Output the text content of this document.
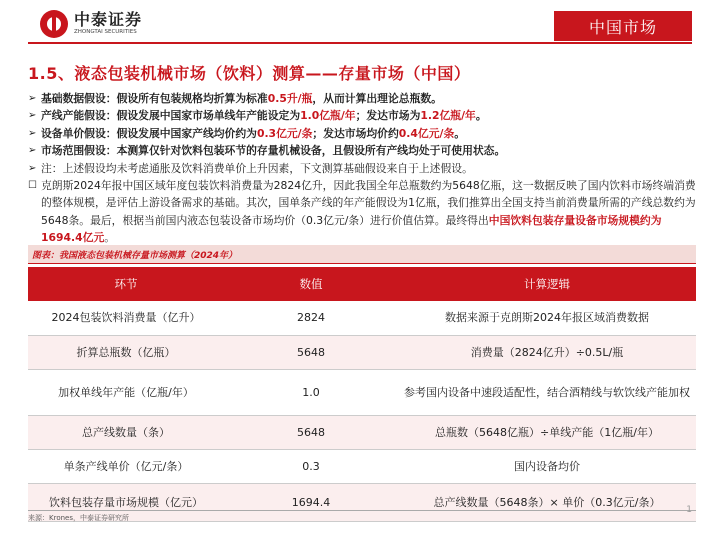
中泰证券
ZHONGTAI SECURITIES	中国市场
1.5、液态包装机械市场（饮料）测算——存量市场（中国）
➢ 基础数据假设：假设所有包装规格均折算为标准0.5升/瓶，从而计算出理论总瓶数。
➢ 产线产能假设：假设发展中国家市场单线年产能设定为1.0亿瓶/年；发达市场为1.2亿瓶/年。
➢ 设备单价假设：假设发展中国家产线均价约为0.3亿元/条；发达市场均价约0.4亿元/条。
➢ 市场范围假设：本测算仅针对饮料包装环节的存量机械设备，且假设所有产线均处于可使用状态。
➢ 注：上述假设均未考虑通胀及饮料消费单价上升因素，下文测算基础假设来自于上述假设。
☐ 克朗斯2024年报中国区域年度包装饮料消费量为2824亿升，因此我国全年总瓶数约为5648亿瓶，这一数据反映了国内饮料市场终端消费的整体规模，是评估上游设备需求的基础。其次，国单条产线的年产能假设为1亿瓶，我们推算出全国支持当前消费量所需的产线总数约为5648条。最后，根据当前国内液态包装设备市场均价（0.3亿元/条）进行价值估算。最终得出中国饮料包装存量设备市场规模约为1694.4亿元。
图表：我国液态包装机械存量市场测算（2024年）
环节	数值	计算逻辑
2024包装饮料消费量（亿升）	2824	数据来源于克朗斯2024年报区域消费数据
折算总瓶数（亿瓶）	5648	消费量（2824亿升）÷0.5L/瓶
加权单线年产能（亿瓶/年）	1.0	参考国内设备中速段适配性，结合酒精线与软饮线产能加权
总产线数量（条）	5648	总瓶数（5648亿瓶）÷单线产能（1亿瓶/年）
单条产线单价（亿元/条）	0.3	国内设备均价
饮料包装存量市场规模（亿元）	1694.4	总产线数量（5648条）× 单价（0.3亿元/条）
来源：Krones，中泰证券研究所
1
